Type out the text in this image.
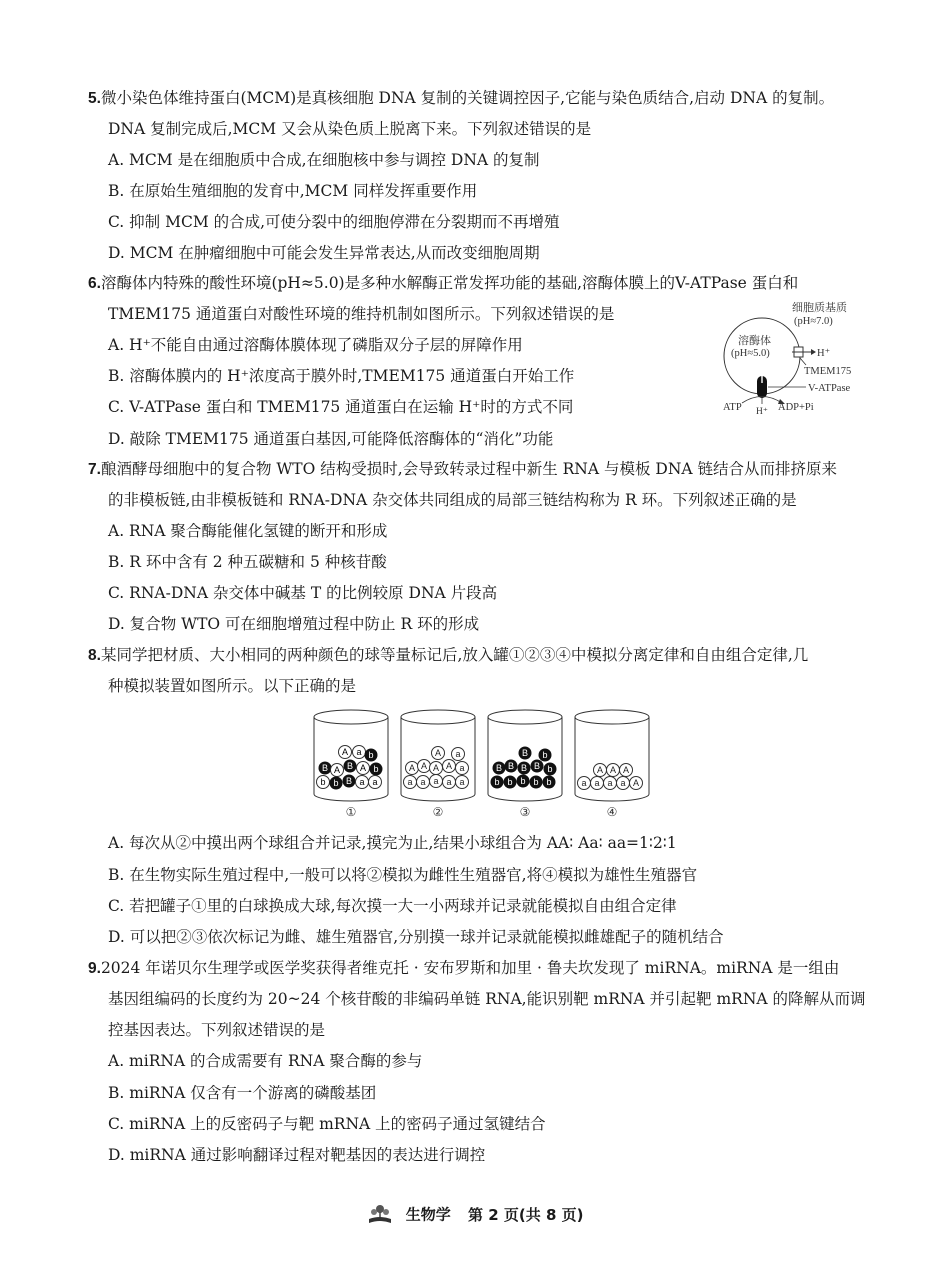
5.微小染色体维持蛋白(MCM)是真核细胞 DNA 复制的关键调控因子,它能与染色质结合,启动 DNA 的复制。
DNA 复制完成后,MCM 又会从染色质上脱离下来。下列叙述错误的是
A. MCM 是在细胞质中合成,在细胞核中参与调控 DNA 的复制
B. 在原始生殖细胞的发育中,MCM 同样发挥重要作用
C. 抑制 MCM 的合成,可使分裂中的细胞停滞在分裂期而不再增殖
D. MCM 在肿瘤细胞中可能会发生异常表达,从而改变细胞周期
6.溶酶体内特殊的酸性环境(pH≈5.0)是多种水解酶正常发挥功能的基础,溶酶体膜上的V-ATPase 蛋白和
TMEM175 通道蛋白对酸性环境的维持机制如图所示。下列叙述错误的是
A. H⁺不能自由通过溶酶体膜体现了磷脂双分子层的屏障作用
B. 溶酶体膜内的 H⁺浓度高于膜外时,TMEM175 通道蛋白开始工作
C. V-ATPase 蛋白和 TMEM175 通道蛋白在运输 H⁺时的方式不同
D. 敲除 TMEM175 通道蛋白基因,可能降低溶酶体的“消化”功能
细胞质基质
(pH≈7.0)
溶酶体
(pH≈5.0)	H⁺
TMEM175
V-ATPase
ATP H⁺ ADP+Pi
7.酿酒酵母细胞中的复合物 WTO 结构受损时,会导致转录过程中新生 RNA 与模板 DNA 链结合从而排挤原来
的非模板链,由非模板链和 RNA-DNA 杂交体共同组成的局部三链结构称为 R 环。下列叙述正确的是
A. RNA 聚合酶能催化氢键的断开和形成
B. R 环中含有 2 种五碳糖和 5 种核苷酸
C. RNA-DNA 杂交体中碱基 T 的比例较原 DNA 片段高
D. 复合物 WTO 可在细胞增殖过程中防止 R 环的形成
8.某同学把材质、大小相同的两种颜色的球等量标记后,放入罐①②③④中模拟分离定律和自由组合定律,几
种模拟装置如图所示。以下正确的是
A a b
B A B A b
b b B a a
A a
A A A A a
a a a a a
B b
B B B B b
b b b b b
A A A
a a a a A
①	②	③	④
A. 每次从②中摸出两个球组合并记录,摸完为止,结果小球组合为 AA∶ Aa∶ aa=1∶2∶1
B. 在生物实际生殖过程中,一般可以将②模拟为雌性生殖器官,将④模拟为雄性生殖器官
C. 若把罐子①里的白球换成大球,每次摸一大一小两球并记录就能模拟自由组合定律
D. 可以把②③依次标记为雌、雄生殖器官,分别摸一球并记录就能模拟雌雄配子的随机结合
9.2024 年诺贝尔生理学或医学奖获得者维克托 · 安布罗斯和加里 · 鲁夫坎发现了 miRNA。miRNA 是一组由
基因组编码的长度约为 20~24 个核苷酸的非编码单链 RNA,能识别靶 mRNA 并引起靶 mRNA 的降解从而调
控基因表达。下列叙述错误的是
A. miRNA 的合成需要有 RNA 聚合酶的参与
B. miRNA 仅含有一个游离的磷酸基团
C. miRNA 上的反密码子与靶 mRNA 上的密码子通过氢键结合
D. miRNA 通过影响翻译过程对靶基因的表达进行调控
生物学 第 2 页(共 8 页)
